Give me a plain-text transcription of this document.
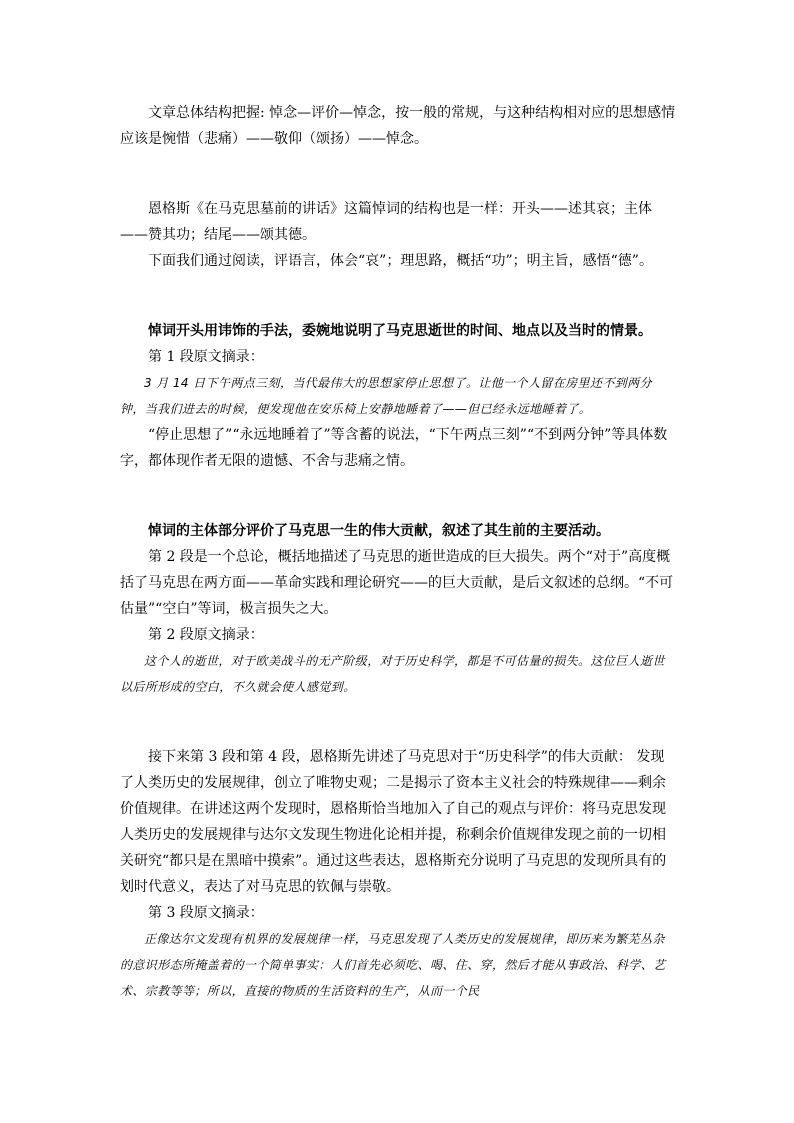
文章总体结构把握: 悼念—评价—悼念，按一般的常规，与这种结构相对应的思想感情应该是惋惜（悲痛）——敬仰（颂扬）——悼念。

恩格斯《在马克思墓前的讲话》这篇悼词的结构也是一样：开头——述其哀；主体——赞其功；结尾——颂其德。

下面我们通过阅读，评语言，体会“哀”；理思路，概括“功”；明主旨，感悟“德”。

悼词开头用讳饰的手法，委婉地说明了马克思逝世的时间、地点以及当时的情景。

第 1 段原文摘录：

3 月 14 日下午两点三刻，当代最伟大的思想家停止思想了。让他一个人留在房里还不到两分钟，当我们进去的时候，便发现他在安乐椅上安静地睡着了——但已经永远地睡着了。

“停止思想了”“永远地睡着了”等含蓄的说法，“下午两点三刻”“不到两分钟”等具体数字，都体现作者无限的遗憾、不舍与悲痛之情。

悼词的主体部分评价了马克思一生的伟大贡献，叙述了其生前的主要活动。

第 2 段是一个总论，概括地描述了马克思的逝世造成的巨大损失。两个“对于”高度概括了马克思在两方面——革命实践和理论研究——的巨大贡献，是后文叙述的总纲。“不可估量”“空白”等词，极言损失之大。

第 2 段原文摘录：

这个人的逝世，对于欧美战斗的无产阶级，对于历史科学，都是不可估量的损失。这位巨人逝世以后所形成的空白，不久就会使人感觉到。

接下来第 3 段和第 4 段，恩格斯先讲述了马克思对于“历史科学”的伟大贡献： 发现了人类历史的发展规律，创立了唯物史观；二是揭示了资本主义社会的特殊规律——剩余价值规律。在讲述这两个发现时，恩格斯恰当地加入了自己的观点与评价：将马克思发现人类历史的发展规律与达尔文发现生物进化论相并提，称剩余价值规律发现之前的一切相关研究“都只是在黑暗中摸索”。通过这些表达，恩格斯充分说明了马克思的发现所具有的划时代意义，表达了对马克思的钦佩与崇敬。

第 3 段原文摘录：

正像达尔文发现有机界的发展规律一样，马克思发现了人类历史的发展规律，即历来为繁芜丛杂的意识形态所掩盖着的一个简单事实：人们首先必须吃、喝、住、穿，然后才能从事政治、科学、艺术、宗教等等；所以，直接的物质的生活资料的生产，从而一个民
